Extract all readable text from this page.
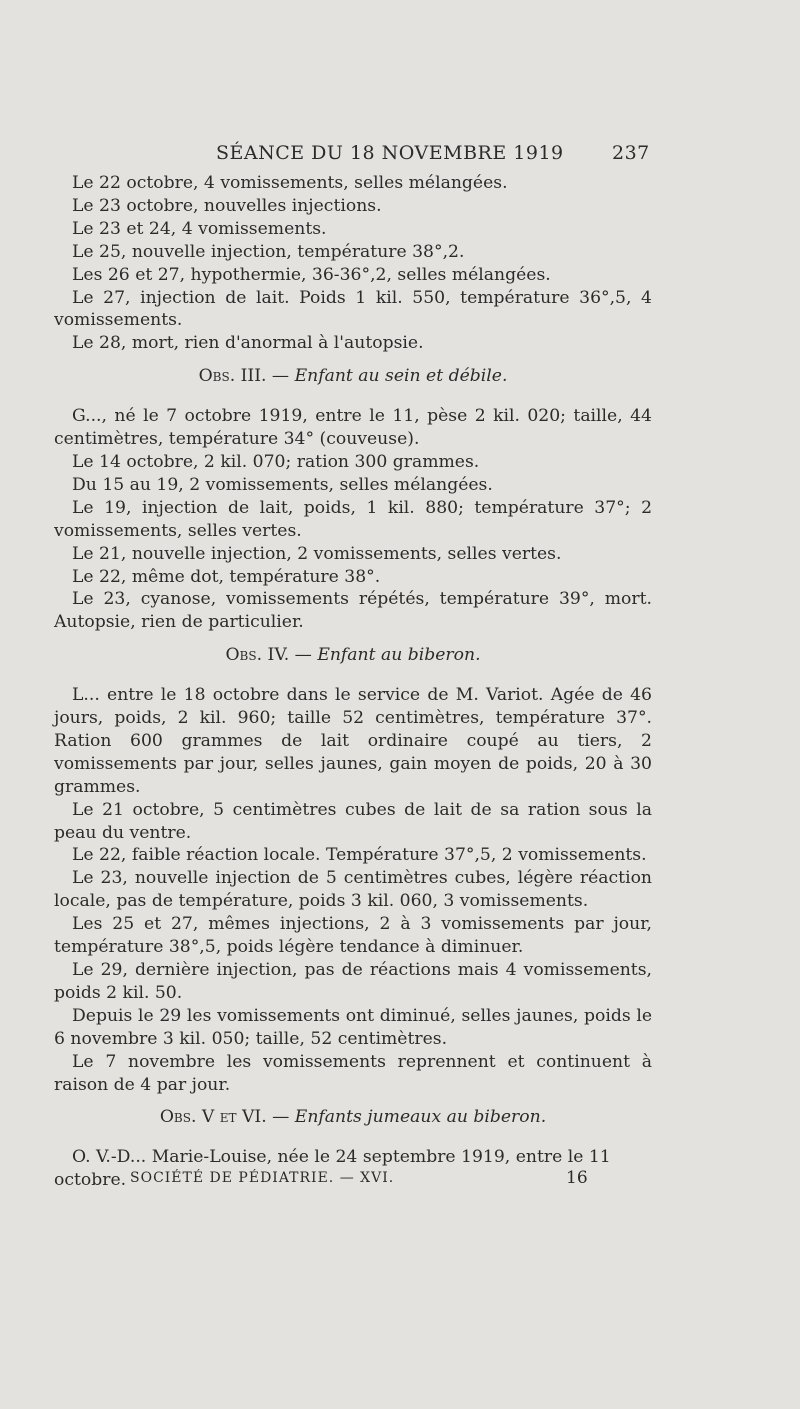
SÉANCE DU 18 NOVEMBRE 1919	237

Le 22 octobre, 4 vomissements, selles mélangées.

Le 23 octobre, nouvelles injections.

Le 23 et 24, 4 vomissements.

Le 25, nouvelle injection, température 38°,2.

Les 26 et 27, hypothermie, 36-36°,2, selles mélangées.

Le 27, injection de lait. Poids 1 kil. 550, température 36°,5, 4 vomissements.

Le 28, mort, rien d'anormal à l'autopsie.

Obs. III. — Enfant au sein et débile.

G..., né le 7 octobre 1919, entre le 11, pèse 2 kil. 020; taille, 44 centimètres, température 34° (couveuse).

Le 14 octobre, 2 kil. 070; ration 300 grammes.

Du 15 au 19, 2 vomissements, selles mélangées.

Le 19, injection de lait, poids, 1 kil. 880; température 37°; 2 vomissements, selles vertes.

Le 21, nouvelle injection, 2 vomissements, selles vertes.

Le 22, même dot, température 38°.

Le 23, cyanose, vomissements répétés, température 39°, mort. Autopsie, rien de particulier.

Obs. IV. — Enfant au biberon.

L... entre le 18 octobre dans le service de M. Variot. Agée de 46 jours, poids, 2 kil. 960; taille 52 centimètres, température 37°. Ration 600 grammes de lait ordinaire coupé au tiers, 2 vomissements par jour, selles jaunes, gain moyen de poids, 20 à 30 grammes.

Le 21 octobre, 5 centimètres cubes de lait de sa ration sous la peau du ventre.

Le 22, faible réaction locale. Température 37°,5, 2 vomissements.

Le 23, nouvelle injection de 5 centimètres cubes, légère réaction locale, pas de température, poids 3 kil. 060, 3 vomissements.

Les 25 et 27, mêmes injections, 2 à 3 vomissements par jour, température 38°,5, poids légère tendance à diminuer.

Le 29, dernière injection, pas de réactions mais 4 vomissements, poids 2 kil. 50.

Depuis le 29 les vomissements ont diminué, selles jaunes, poids le 6 novembre 3 kil. 050; taille, 52 centimètres.

Le 7 novembre les vomissements reprennent et continuent à raison de 4 par jour.

Obs. V et VI. — Enfants jumeaux au biberon.

O. V.-D... Marie-Louise, née le 24 septembre 1919, entre le 11 octobre. SOCIÉTÉ DE PÉDIATRIE. — XVI.	16
